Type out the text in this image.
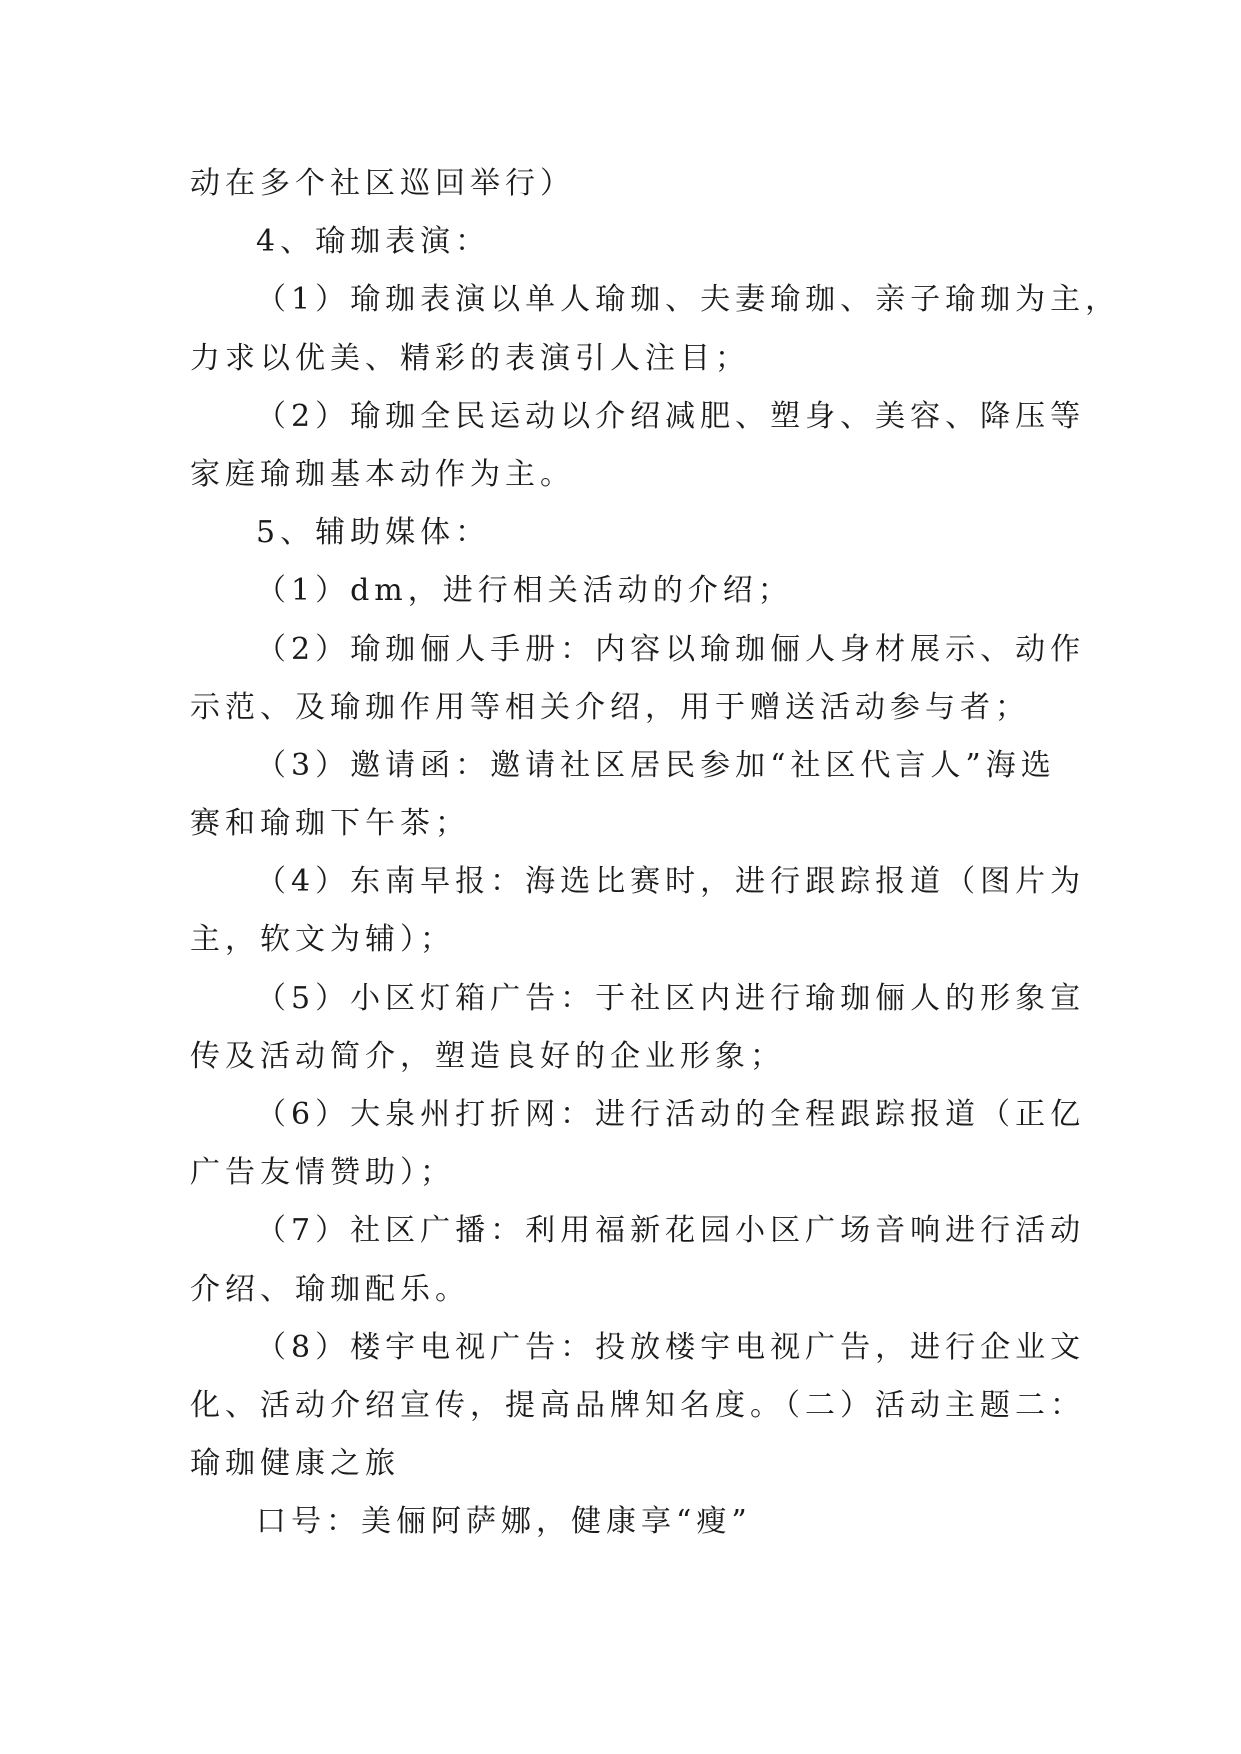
动在多个社区巡回举行）
4、瑜珈表演：
（1）瑜珈表演以单人瑜珈、夫妻瑜珈、亲子瑜珈为主，
力求以优美、精彩的表演引人注目；
（2）瑜珈全民运动以介绍减肥、塑身、美容、降压等
家庭瑜珈基本动作为主。
5、辅助媒体：
（1）dm，进行相关活动的介绍；
（2）瑜珈俪人手册：内容以瑜珈俪人身材展示、动作
示范、及瑜珈作用等相关介绍，用于赠送活动参与者；
（3）邀请函：邀请社区居民参加“社区代言人”海选
赛和瑜珈下午茶；
（4）东南早报：海选比赛时，进行跟踪报道（图片为
主，软文为辅）；
（5）小区灯箱广告：于社区内进行瑜珈俪人的形象宣
传及活动简介，塑造良好的企业形象；
（6）大泉州打折网：进行活动的全程跟踪报道（正亿
广告友情赞助）；
（7）社区广播：利用福新花园小区广场音响进行活动
介绍、瑜珈配乐。
（8）楼宇电视广告：投放楼宇电视广告，进行企业文
化、活动介绍宣传，提高品牌知名度。（二）活动主题二：
瑜珈健康之旅
口号：美俪阿萨娜，健康享“瘦”
